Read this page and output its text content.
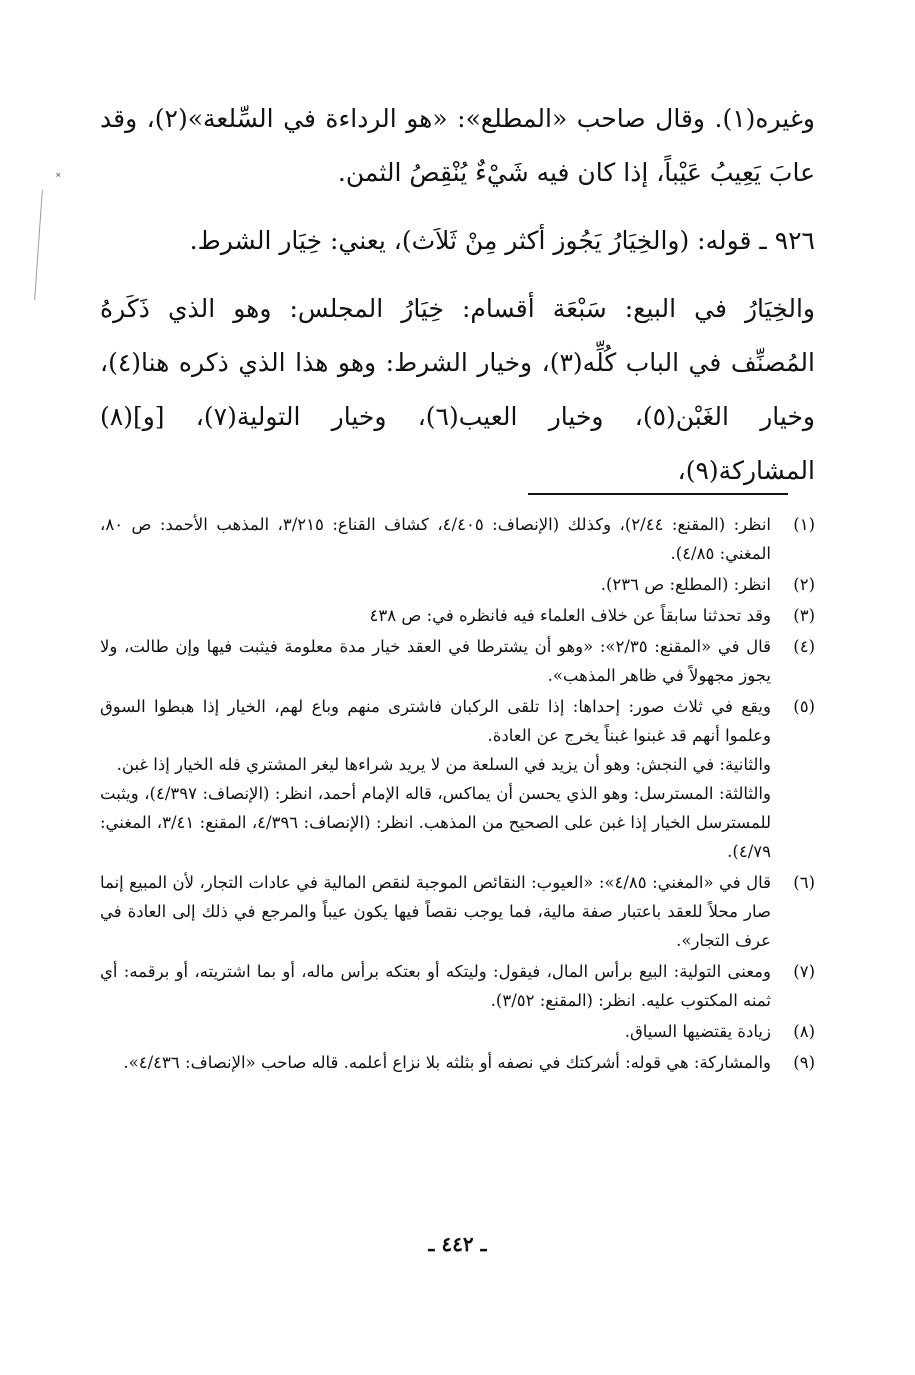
˟

وغيره(١). وقال صاحب «المطلع»: «هو الرداءة في السِّلعة»(٢)، وقد عابَ يَعِيبُ عَيْباً، إذا كان فيه شَيْءٌ يُنْقِصُ الثمن.

٩٢٦ ـ قوله: (والخِيَارُ يَجُوز أكثر مِنْ ثَلاَث)، يعني: خِيَار الشرط.

والخِيَارُ في البيع: سَبْعَة أقسام: خِيَارُ المجلس: وهو الذي ذَكَرهُ المُصنِّف في الباب كُلِّه(٣)، وخيار الشرط: وهو هذا الذي ذكره هنا(٤)، وخيار الغَبْن(٥)، وخيار العيب(٦)، وخيار التولية(٧)، [و](٨) المشاركة(٩)،

(١)

انظر: (المقنع: ٢/٤٤)، وكذلك (الإنصاف: ٤/٤٠٥، كشاف القناع: ٣/٢١٥، المذهب الأحمد: ص ٨٠، المغني: ٤/٨٥).

(٢)

انظر: (المطلع: ص ٢٣٦).

(٣)

وقد تحدثنا سابقاً عن خلاف العلماء فيه فانظره في: ص ٤٣٨

(٤)

قال في «المقنع: ٢/٣٥»: «وهو أن يشترطا في العقد خيار مدة معلومة فيثبت فيها وإن طالت، ولا يجوز مجهولاً في ظاهر المذهب».

(٥)

ويقع في ثلاث صور: إحداها: إذا تلقى الركبان فاشترى منهم وباع لهم، الخيار إذا هبطوا السوق وعلموا أنهم قد غبنوا غبناً يخرج عن العادة.

والثانية: في النجش: وهو أن يزيد في السلعة من لا يريد شراءها ليغر المشتري فله الخيار إذا غبن.

والثالثة: المسترسل: وهو الذي يحسن أن يماكس، قاله الإمام أحمد، انظر: (الإنصاف: ٤/٣٩٧)، ويثبت للمسترسل الخيار إذا غبن على الصحيح من المذهب. انظر: (الإنصاف: ٤/٣٩٦، المقنع: ٣/٤١، المغني: ٤/٧٩).

(٦)

قال في «المغني: ٤/٨٥»: «العيوب: النقائص الموجبة لنقص المالية في عادات التجار، لأن المبيع إنما صار محلاً للعقد باعتبار صفة مالية، فما يوجب نقصاً فيها يكون عيباً والمرجع في ذلك إلى العادة في عرف التجار».

(٧)

ومعنى التولية: البيع برأس المال، فيقول: وليتكه أو بعتكه برأس ماله، أو بما اشتريته، أو برقمه: أي ثمنه المكتوب عليه. انظر: (المقنع: ٣/٥٢).

(٨)

زيادة يقتضيها السياق.

(٩)

والمشاركة: هي قوله: أشركتك في نصفه أو بثلثه بلا نزاع أعلمه. قاله صاحب «الإنصاف: ٤/٤٣٦».

ـ ٤٤٢ ـ
